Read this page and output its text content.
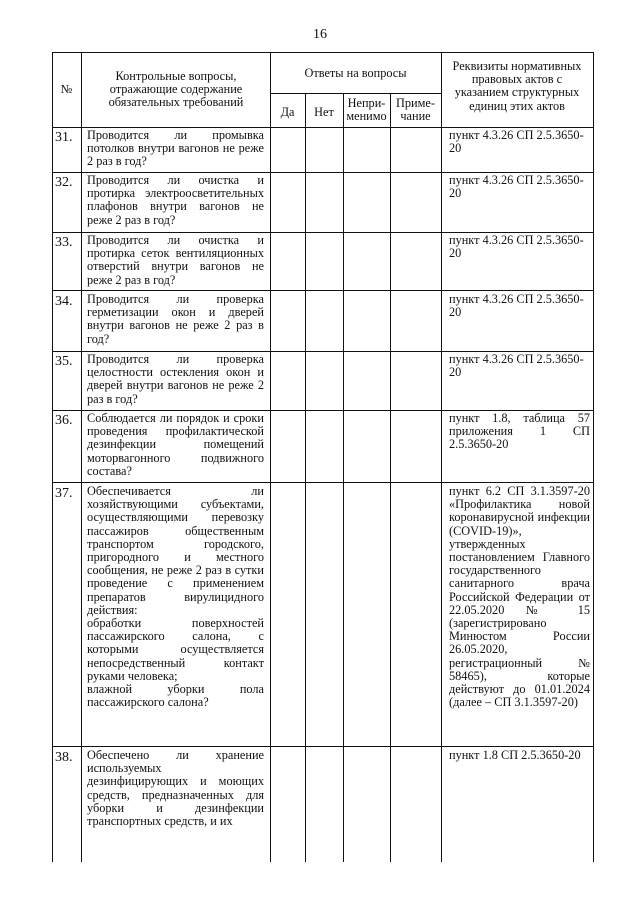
16
№
Контрольные вопросы, отражающие содержание обязательных требований
Ответы на вопросы
Да	Нет
Непри-
менимо
Приме-
чание
Реквизиты нормативных правовых актов с указанием структурных единиц этих актов
31. Проводится ли промывка потолков внутри вагонов не реже 2 раз в год?
пункт 4.3.26 СП 2.5.3650-20
32. Проводится ли очистка и протирка электроосветительных плафонов внутри вагонов не реже 2 раз в год?
пункт 4.3.26 СП 2.5.3650-20
33. Проводится ли очистка и протирка сеток вентиляционных отверстий внутри вагонов не реже 2 раз в год?
пункт 4.3.26 СП 2.5.3650-20
34. Проводится ли проверка герметизации окон и дверей внутри вагонов не реже 2 раз в год?
пункт 4.3.26 СП 2.5.3650-20
35. Проводится ли проверка целостности остекления окон и дверей внутри вагонов не реже 2 раз в год?
пункт 4.3.26 СП 2.5.3650-20
36. Соблюдается ли порядок и сроки проведения профилактической дезинфекции помещений моторвагонного подвижного состава?
пункт 1.8, таблица 57 приложения 1 СП 2.5.3650-20
37. Обеспечивается ли хозяйствующими субъектами, осуществляющими перевозку пассажиров общественным транспортом городского, пригородного и местного сообщения, не реже 2 раз в сутки проведение с применением препаратов вирулицидного действия:
обработки поверхностей пассажирского салона, с которыми осуществляется непосредственный контакт руками человека;
влажной уборки пола пассажирского салона?
пункт 6.2 СП 3.1.3597-20 «Профилактика новой коронавирусной инфекции (COVID-19)», утвержденных постановлением Главного государственного санитарного врача Российской Федерации от 22.05.2020 № 15 (зарегистрировано Минюстом России 26.05.2020, регистрационный № 58465), которые действуют до 01.01.2024 (далее – СП 3.1.3597-20)
38. Обеспечено ли хранение используемых дезинфицирующих и моющих средств, предназначенных для уборки и дезинфекции транспортных средств, и их
пункт 1.8 СП 2.5.3650-20
